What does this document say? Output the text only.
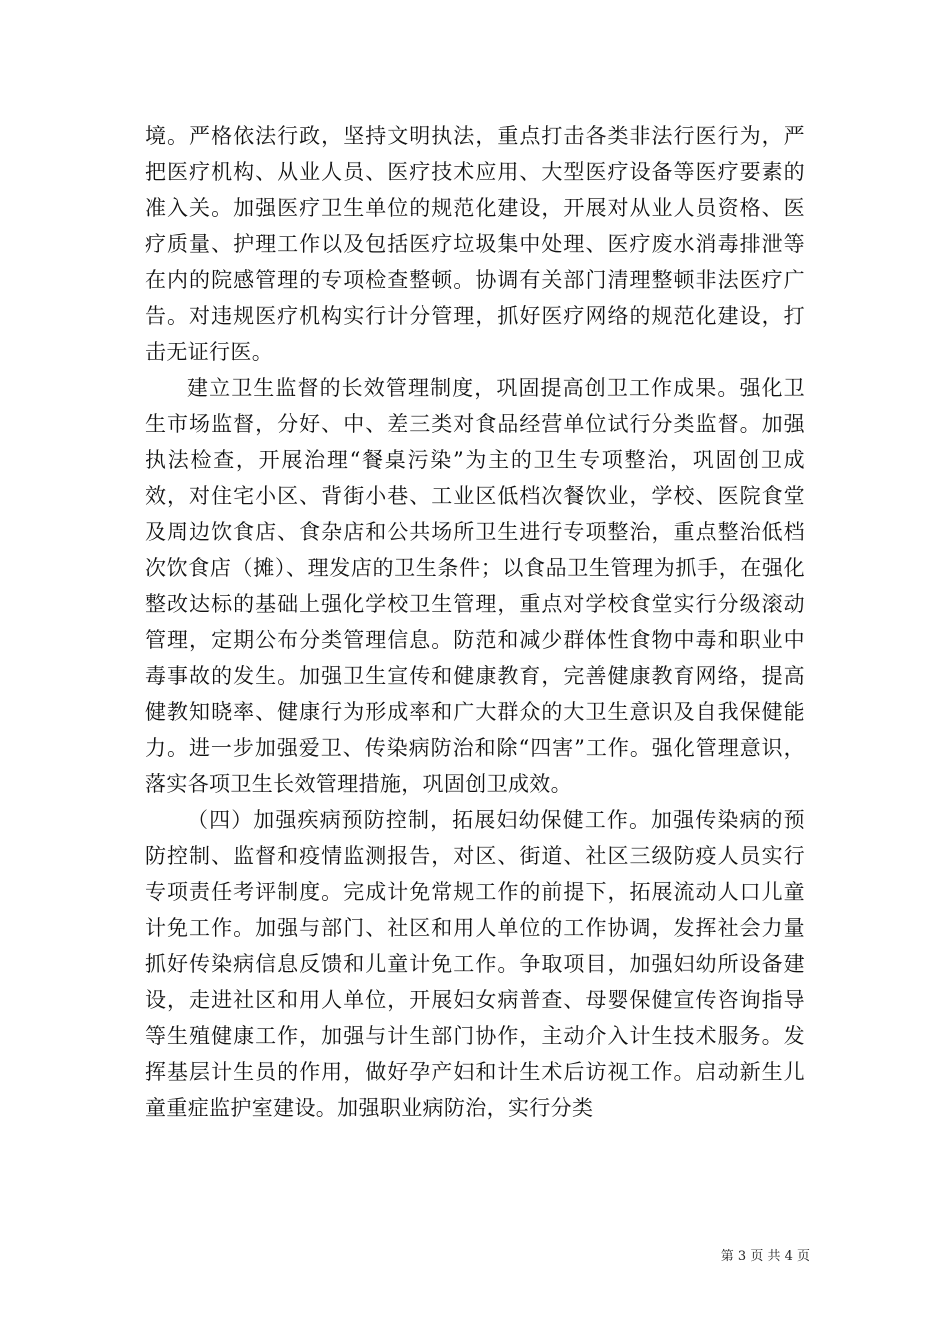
境。严格依法行政，坚持文明执法，重点打击各类非法行医行为，严把医疗机构、从业人员、医疗技术应用、大型医疗设备等医疗要素的准入关。加强医疗卫生单位的规范化建设，开展对从业人员资格、医疗质量、护理工作以及包括医疗垃圾集中处理、医疗废水消毒排泄等在内的院感管理的专项检查整顿。协调有关部门清理整顿非法医疗广告。对违规医疗机构实行计分管理，抓好医疗网络的规范化建设，打击无证行医。

建立卫生监督的长效管理制度，巩固提高创卫工作成果。强化卫生市场监督，分好、中、差三类对食品经营单位试行分类监督。加强执法检查，开展治理“餐桌污染”为主的卫生专项整治，巩固创卫成效，对住宅小区、背街小巷、工业区低档次餐饮业，学校、医院食堂及周边饮食店、食杂店和公共场所卫生进行专项整治，重点整治低档次饮食店（摊）、理发店的卫生条件；以食品卫生管理为抓手，在强化整改达标的基础上强化学校卫生管理，重点对学校食堂实行分级滚动管理，定期公布分类管理信息。防范和减少群体性食物中毒和职业中毒事故的发生。加强卫生宣传和健康教育，完善健康教育网络，提高健教知晓率、健康行为形成率和广大群众的大卫生意识及自我保健能力。进一步加强爱卫、传染病防治和除“四害”工作。强化管理意识，落实各项卫生长效管理措施，巩固创卫成效。

（四）加强疾病预防控制，拓展妇幼保健工作。加强传染病的预防控制、监督和疫情监测报告，对区、街道、社区三级防疫人员实行专项责任考评制度。完成计免常规工作的前提下，拓展流动人口儿童计免工作。加强与部门、社区和用人单位的工作协调，发挥社会力量抓好传染病信息反馈和儿童计免工作。争取项目，加强妇幼所设备建设，走进社区和用人单位，开展妇女病普查、母婴保健宣传咨询指导等生殖健康工作，加强与计生部门协作，主动介入计生技术服务。发挥基层计生员的作用，做好孕产妇和计生术后访视工作。启动新生儿童重症监护室建设。加强职业病防治，实行分类

第 3 页 共 4 页
